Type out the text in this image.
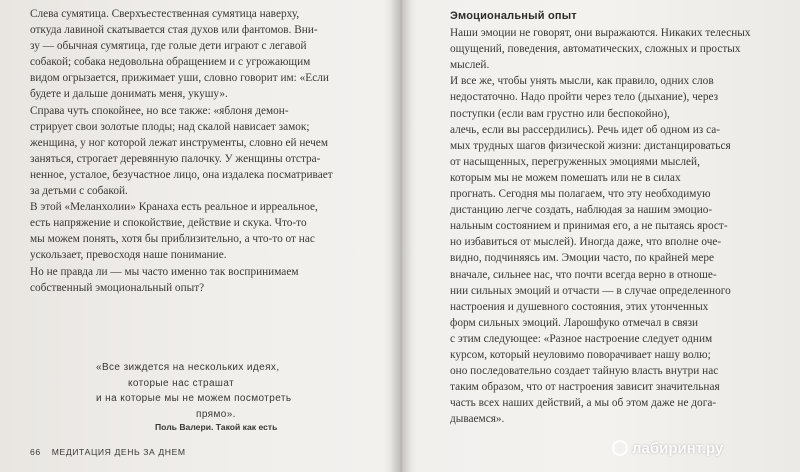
Слева сумятица. Сверхъестественная сумятица наверху,
откуда лавиной скатывается стая духов или фантомов. Вни-
зу — обычная сумятица, где голые дети играют с легавой
собакой; собака недовольна обращением и с угрожающим
видом огрызается, прижимает уши, словно говорит им: «Если
будете и дальше донимать меня, укушу».

Справа чуть спокойнее, но все также: «яблоня демон-
стрирует свои золотые плоды; над скалой нависает замок;
женщина, у ног которой лежат инструменты, словно ей нечем
заняться, строгает деревянную палочку. У женщины отстра-
ненное, усталое, безучастное лицо, она издалека посматривает
за детьми с собакой.

В этой «Меланхолии» Кранаха есть реальное и ирреальное,
есть напряжение и спокойствие, действие и скука. Что-то
мы можем понять, хотя бы приблизительно, а что-то от нас
ускользает, превосходя наше понимание.

Но не правда ли — мы часто именно так воспринимаем
собственный эмоциональный опыт?

«Все зиждется на нескольких идеях,
которые нас страшат
и на которые мы не можем посмотреть
прямо».
Поль Валери. Такой как есть
66 МЕДИТАЦИЯ ДЕНЬ ЗА ДНЕМ
Эмоциональный опыт

Наши эмоции не говорят, они выражаются. Никаких телесных
ощущений, поведения, автоматических, сложных и простых
мыслей.

И все же, чтобы унять мысли, как правило, одних слов
недостаточно. Надо пройти через тело (дыхание), через
поступки (если вам грустно или беспокойно),
алечь, если вы рассердились). Речь идет об одном из са-
мых трудных шагов физической жизни: дистанцироваться
от насыщенных, перегруженных эмоциями мыслей,
которым мы не можем помешать или не в силах
прогнать. Сегодня мы полагаем, что эту необходимую
дистанцию легче создать, наблюдая за нашим эмоцио-
нальным состоянием и принимая его, а не пытаясь ярост-
но избавиться от мыслей). Иногда даже, что вполне оче-
видно, подчиняясь им. Эмоции часто, по крайней мере
вначале, сильнее нас, что почти всегда верно в отноше-
нии сильных эмоций и отчасти — в случае определенного
настроения и душевного состояния, этих утонченных
форм сильных эмоций. Ларошфуко отмечал в связи
с этим следующее: «Разное настроение следует одним
курсом, который неуловимо поворачивает нашу волю;
оно последовательно создает тайную власть внутри нас
таким образом, что от настроения зависит значительная
часть всех наших действий, а мы об этом даже не дога-
дываемся».

лабиринт.ру
